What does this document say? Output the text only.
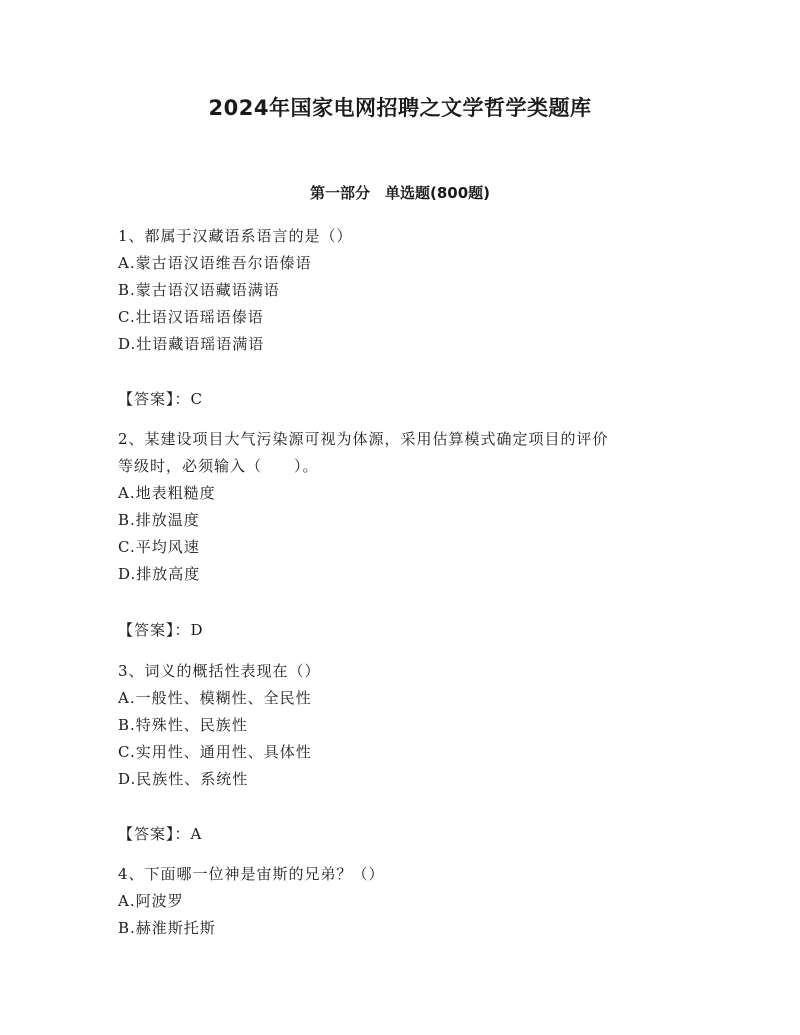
2024年国家电网招聘之文学哲学类题库
第一部分　单选题(800题)
1、都属于汉藏语系语言的是（）
A.蒙古语汉语维吾尔语傣语
B.蒙古语汉语藏语满语
C.壮语汉语瑶语傣语
D.壮语藏语瑶语满语
【答案】：C
2、某建设项目大气污染源可视为体源，采用估算模式确定项目的评价
等级时，必须输入（　　）。
A.地表粗糙度
B.排放温度
C.平均风速
D.排放高度
【答案】：D
3、词义的概括性表现在（）
A.一般性、模糊性、全民性
B.特殊性、民族性
C.实用性、通用性、具体性
D.民族性、系统性
【答案】：A
4、下面哪一位神是宙斯的兄弟？（）
A.阿波罗
B.赫淮斯托斯
